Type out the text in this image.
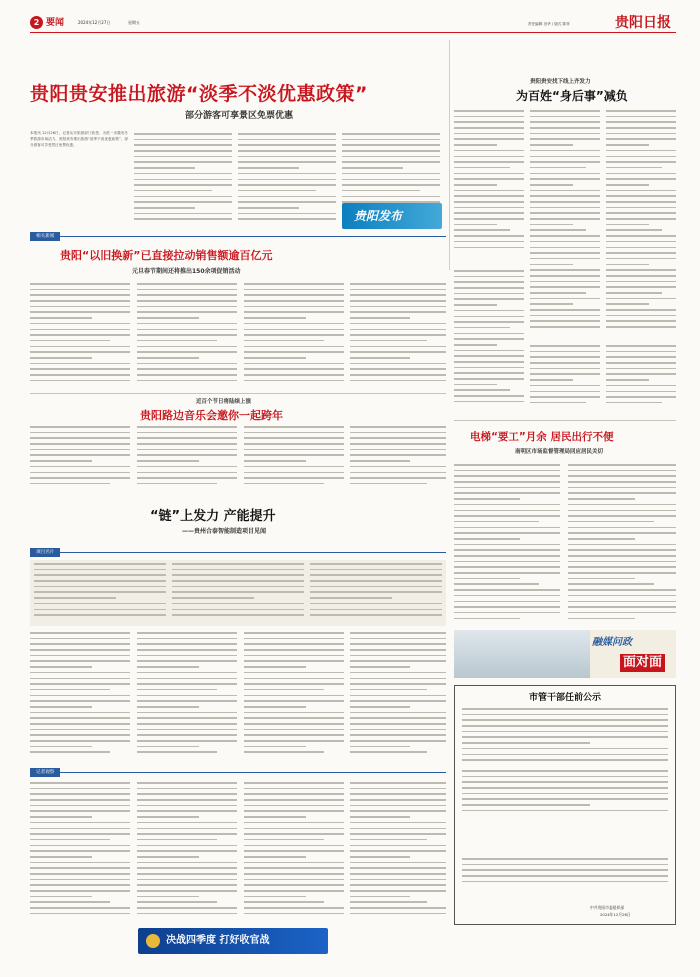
2 要闻	2024年12月27日	星期五	责任编辑 田华 / 版式 陈菲	贵阳日报
贵阳贵安推出旅游“淡季不淡优惠政策”
部分游客可享景区免票优惠
本报讯 12月26日，记者从市旅游部门获悉，为进一步激发冬季旅游市场活力，贵阳贵安推出旅游“淡季不淡优惠政策”，部分游客可享受景区免票优惠。
贵阳发布
贵阳贵安找下线上齐发力
为百姓“身后事”减负
相关新闻
贵阳“以旧换新”已直接拉动销售额逾百亿元
元旦春节期间还将推出150余项促销活动
近百个节日将陆续上演
贵阳路边音乐会邀你一起跨年
电梯“要工”月余 居民出行不便
南明区市场监督管理局回应居民关切
“链”上发力 产能提升
——贵州合泰智能制造项目见闻
项目名片
记者观察
融媒问政
面对面
市管干部任前公示
中共贵阳市委组织部
2024年12月26日
决战四季度 打好收官战
